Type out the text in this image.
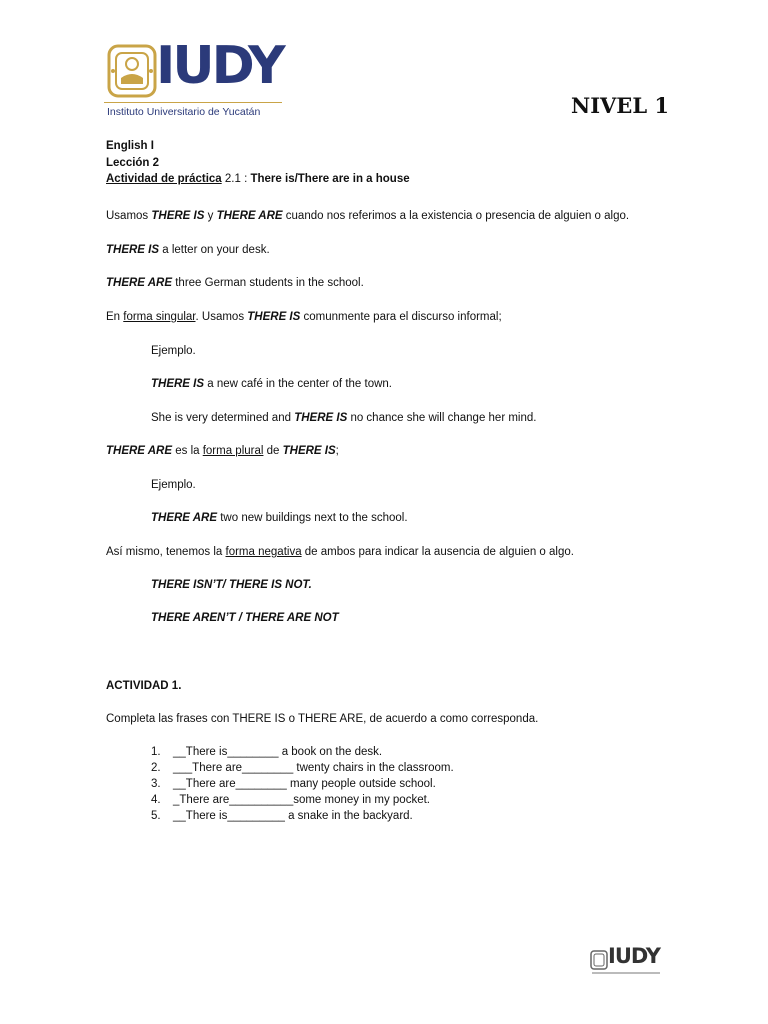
IUDY
Instituto Universitario de Yucatán	NIVEL 1
English I
Lección 2
Actividad de práctica 2.1 : There is/There are in a house
Usamos THERE IS y THERE ARE cuando nos referimos a la existencia o presencia de alguien o algo.
THERE IS a letter on your desk.
THERE ARE three German students in the school.
En forma singular. Usamos THERE IS comunmente para el discurso informal;
Ejemplo.
THERE IS a new café in the center of the town.
She is very determined and THERE IS no chance she will change her mind.
THERE ARE es la forma plural de THERE IS;
Ejemplo.
THERE ARE two new buildings next to the school.
Así mismo, tenemos la forma negativa de ambos para indicar la ausencia de alguien o algo.
THERE ISN’T/ THERE IS NOT.
THERE AREN’T / THERE ARE NOT
ACTIVIDAD 1.
Completa las frases con THERE IS o THERE ARE, de acuerdo a como corresponda.
1. __There is________ a book on the desk.
2. ___There are________ twenty chairs in the classroom.
3. __There are________ many people outside school.
4. _There are__________some money in my pocket.
5. __There is_________ a snake in the backyard.
IUDY
